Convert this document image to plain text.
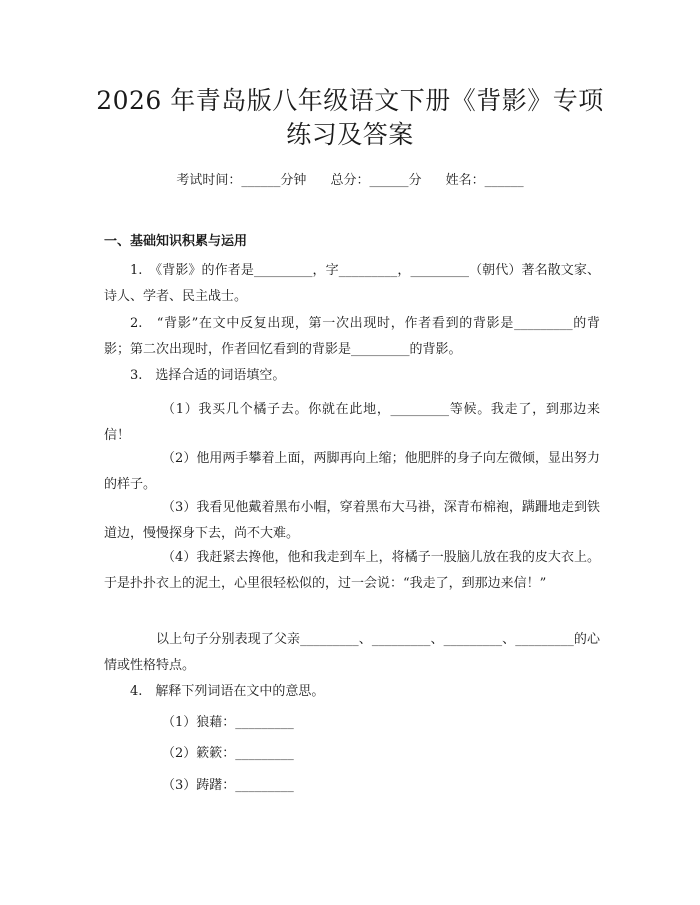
2026 年青岛版八年级语文下册《背影》专项
练习及答案
考试时间：______分钟 总分：______分 姓名：______
一、基础知识积累与运用
1.　《背影》的作者是_________，字_________，_________（朝代）著名散文家、诗人、学者、民主战士。
2.　“背影”在文中反复出现，第一次出现时，作者看到的背影是_________的背影；第二次出现时，作者回忆看到的背影是_________的背影。
3.　选择合适的词语填空。
（1）我买几个橘子去。你就在此地，_________等候。我走了，到那边来信！
（2）他用两手攀着上面，两脚再向上缩；他肥胖的身子向左微倾，显出努力的样子。
（3）我看见他戴着黑布小帽，穿着黑布大马褂，深青布棉袍，蹒跚地走到铁道边，慢慢探身下去，尚不大难。
（4）我赶紧去搀他，他和我走到车上，将橘子一股脑儿放在我的皮大衣上。于是扑扑衣上的泥土，心里很轻松似的，过一会说：“我走了，到那边来信！”
以上句子分别表现了父亲_________、_________、_________、_________的心情或性格特点。
4.　解释下列词语在文中的意思。
（1）狼藉：_________
（2）簌簌：_________
（3）踌躇：_________
